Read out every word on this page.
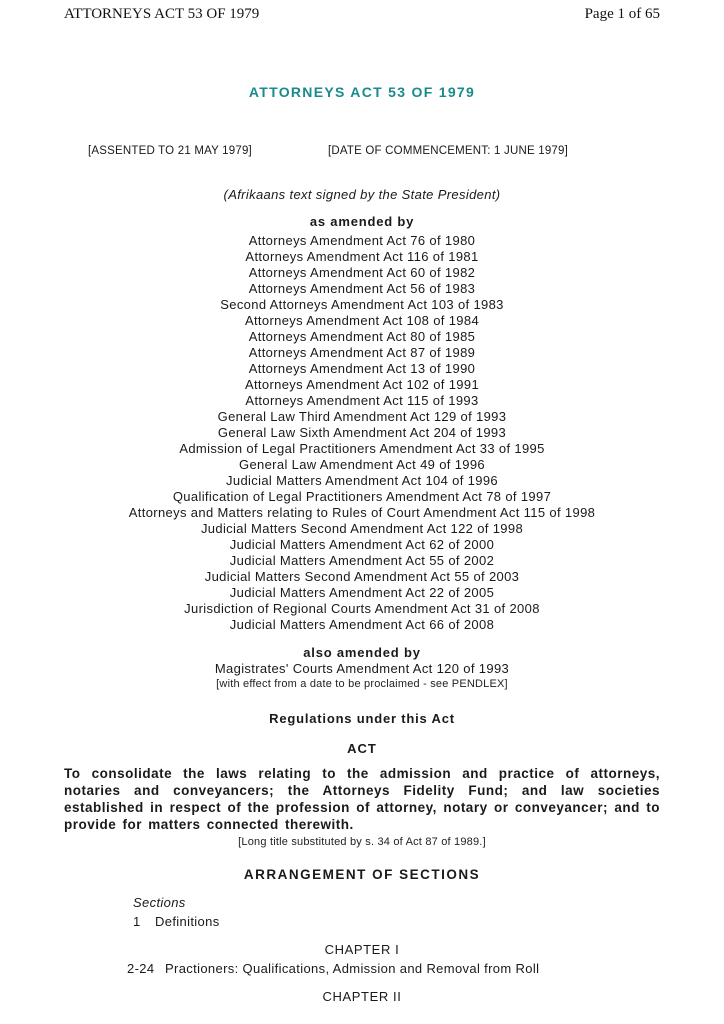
ATTORNEYS ACT 53 OF 1979	Page 1 of 65
ATTORNEYS ACT 53 OF 1979
[ASSENTED TO 21 MAY 1979]	[DATE OF COMMENCEMENT: 1 JUNE 1979]
(Afrikaans text signed by the State President)
as amended by
Attorneys Amendment Act 76 of 1980
Attorneys Amendment Act 116 of 1981
Attorneys Amendment Act 60 of 1982
Attorneys Amendment Act 56 of 1983
Second Attorneys Amendment Act 103 of 1983
Attorneys Amendment Act 108 of 1984
Attorneys Amendment Act 80 of 1985
Attorneys Amendment Act 87 of 1989
Attorneys Amendment Act 13 of 1990
Attorneys Amendment Act 102 of 1991
Attorneys Amendment Act 115 of 1993
General Law Third Amendment Act 129 of 1993
General Law Sixth Amendment Act 204 of 1993
Admission of Legal Practitioners Amendment Act 33 of 1995
General Law Amendment Act 49 of 1996
Judicial Matters Amendment Act 104 of 1996
Qualification of Legal Practitioners Amendment Act 78 of 1997
Attorneys and Matters relating to Rules of Court Amendment Act 115 of 1998
Judicial Matters Second Amendment Act 122 of 1998
Judicial Matters Amendment Act 62 of 2000
Judicial Matters Amendment Act 55 of 2002
Judicial Matters Second Amendment Act 55 of 2003
Judicial Matters Amendment Act 22 of 2005
Jurisdiction of Regional Courts Amendment Act 31 of 2008
Judicial Matters Amendment Act 66 of 2008
also amended by
Magistrates' Courts Amendment Act 120 of 1993
[with effect from a date to be proclaimed - see PENDLEX]
Regulations under this Act
ACT

To consolidate the laws relating to the admission and practice of attorneys, notaries and conveyancers; the Attorneys Fidelity Fund; and law societies established in respect of the profession of attorney, notary or conveyancer; and to provide for matters connected therewith.

[Long title substituted by s. 34 of Act 87 of 1989.]
ARRANGEMENT OF SECTIONS
Sections
1	Definitions
CHAPTER I
2-24 Practioners: Qualifications, Admission and Removal from Roll
CHAPTER II
